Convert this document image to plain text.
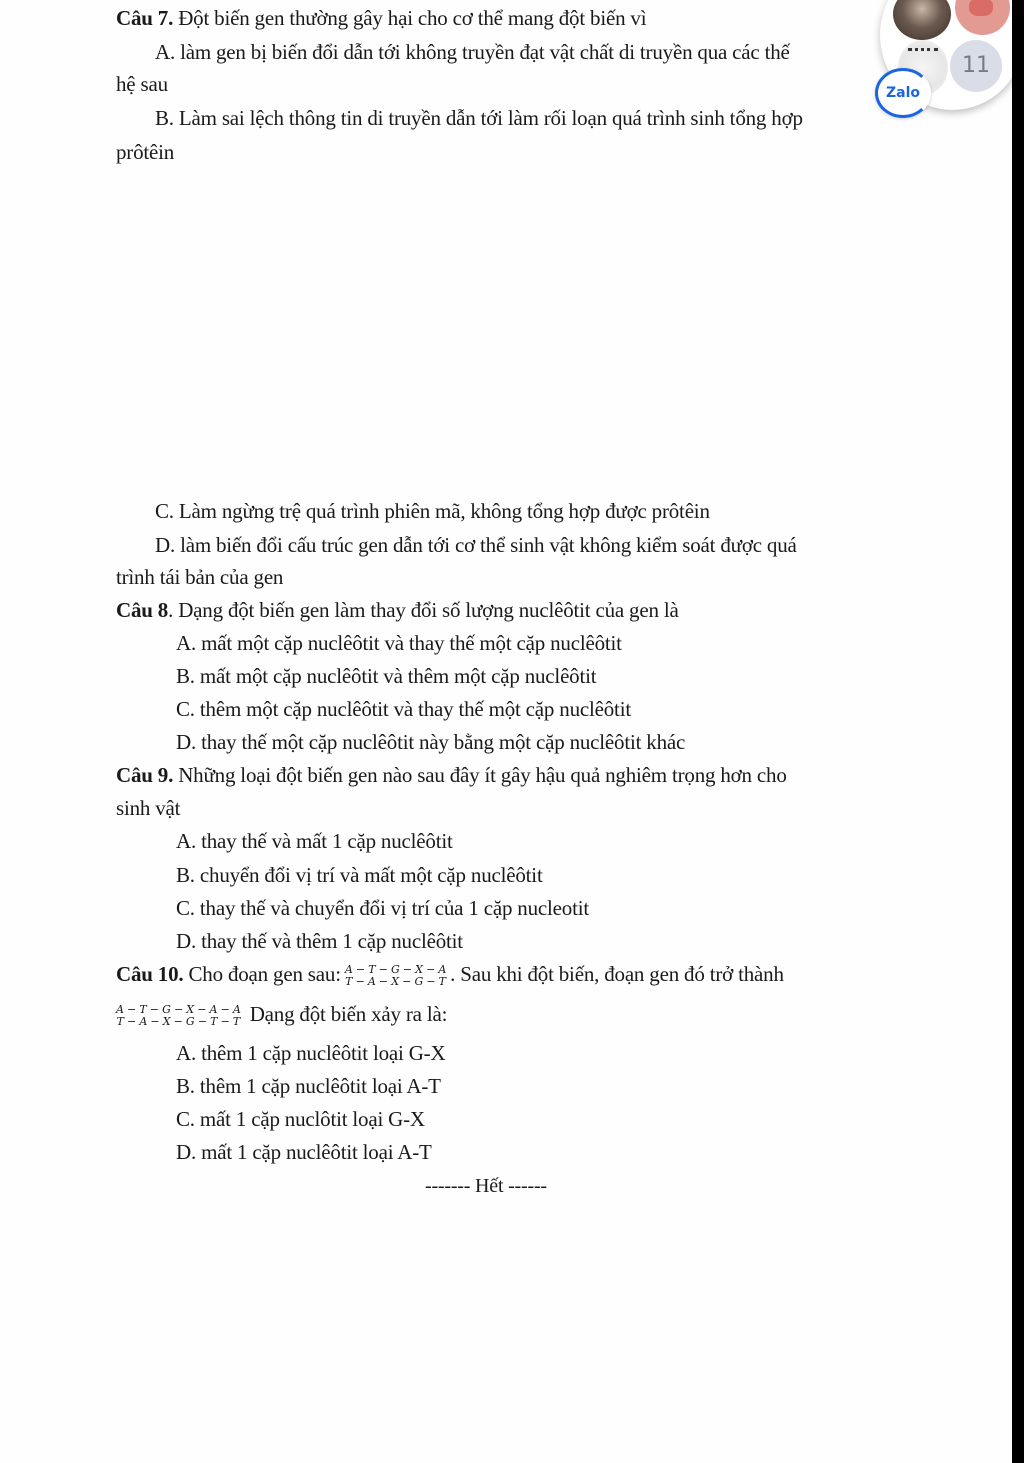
Câu 7. Đột biến gen thường gây hại cho cơ thể mang đột biến vì
A. làm gen bị biến đổi dẫn tới không truyền đạt vật chất di truyền qua các thế
hệ sau
B. Làm sai lệch thông tin di truyền dẫn tới làm rối loạn quá trình sinh tổng hợp
prôtêin
C. Làm ngừng trệ quá trình phiên mã, không tổng hợp được prôtêin
D. làm biến đổi cấu trúc gen dẫn tới cơ thể sinh vật không kiểm soát được quá
trình tái bản của gen
Câu 8. Dạng đột biến gen làm thay đổi số lượng nuclêôtit của gen là
A. mất một cặp nuclêôtit và thay thế một cặp nuclêôtit
B. mất một cặp nuclêôtit và thêm một cặp nuclêôtit
C. thêm một cặp nuclêôtit và thay thế một cặp nuclêôtit
D. thay thế một cặp nuclêôtit này bằng một cặp nuclêôtit khác
Câu 9. Những loại đột biến gen nào sau đây ít gây hậu quả nghiêm trọng hơn cho
sinh vật
A. thay thế và mất 1 cặp nuclêôtit
B. chuyển đổi vị trí và mất một cặp nuclêôtit
C. thay thế và chuyển đổi vị trí của 1 cặp nucleotit
D. thay thế và thêm 1 cặp nuclêôtit
Câu 10. Cho đoạn gen sau: A − T − G − X − A
T − A − X − G − T . Sau khi đột biến, đoạn gen đó trở thành
A − T − G − X − A − A
T − A − X − G − T − T Dạng đột biến xảy ra là:
A. thêm 1 cặp nuclêôtit loại G-X
B. thêm 1 cặp nuclêôtit loại A-T
C. mất 1 cặp nuclôtit loại G-X
D. mất 1 cặp nuclêôtit loại A-T
------- Hết ------
11
Zalo
